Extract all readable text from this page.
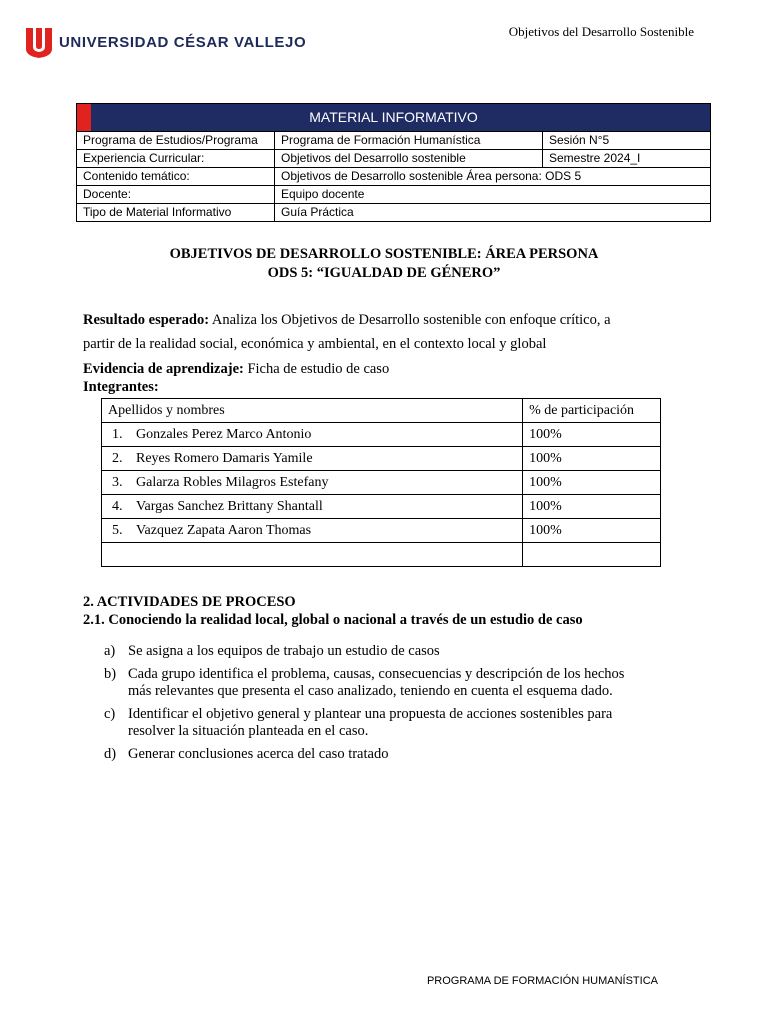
UNIVERSIDAD CÉSAR VALLEJO
Objetivos del Desarrollo Sostenible
MATERIAL INFORMATIVO		
Programa de Estudios/Programa	Programa de Formación Humanística	Sesión N°5
Experiencia Curricular:	Objetivos del Desarrollo sostenible	Semestre 2024_I
Contenido temático:	Objetivos de Desarrollo sostenible Área persona: ODS 5	
Docente:	Equipo docente	
Tipo de Material Informativo	Guía Práctica	
OBJETIVOS DE DESARROLLO SOSTENIBLE: ÁREA PERSONA
ODS 5: “IGUALDAD DE GÉNERO”
Resultado esperado: Analiza los Objetivos de Desarrollo sostenible con enfoque crítico, a
partir de la realidad social, económica y ambiental, en el contexto local y global
Evidencia de aprendizaje: Ficha de estudio de caso
Integrantes:
Apellidos y nombres	% de participación
1. Gonzales Perez Marco Antonio	100%
2. Reyes Romero Damaris Yamile	100%
3. Galarza Robles Milagros Estefany	100%
4. Vargas Sanchez Brittany Shantall	100%
5. Vazquez Zapata Aaron Thomas	100%

2. ACTIVIDADES DE PROCESO
2.1. Conociendo la realidad local, global o nacional a través de un estudio de caso
a) Se asigna a los equipos de trabajo un estudio de casos
b) Cada grupo identifica el problema, causas, consecuencias y descripción de los hechos
más relevantes que presenta el caso analizado, teniendo en cuenta el esquema dado.
c) Identificar el objetivo general y plantear una propuesta de acciones sostenibles para
resolver la situación planteada en el caso.
d) Generar conclusiones acerca del caso tratado
PROGRAMA DE FORMACIÓN HUMANÍSTICA
